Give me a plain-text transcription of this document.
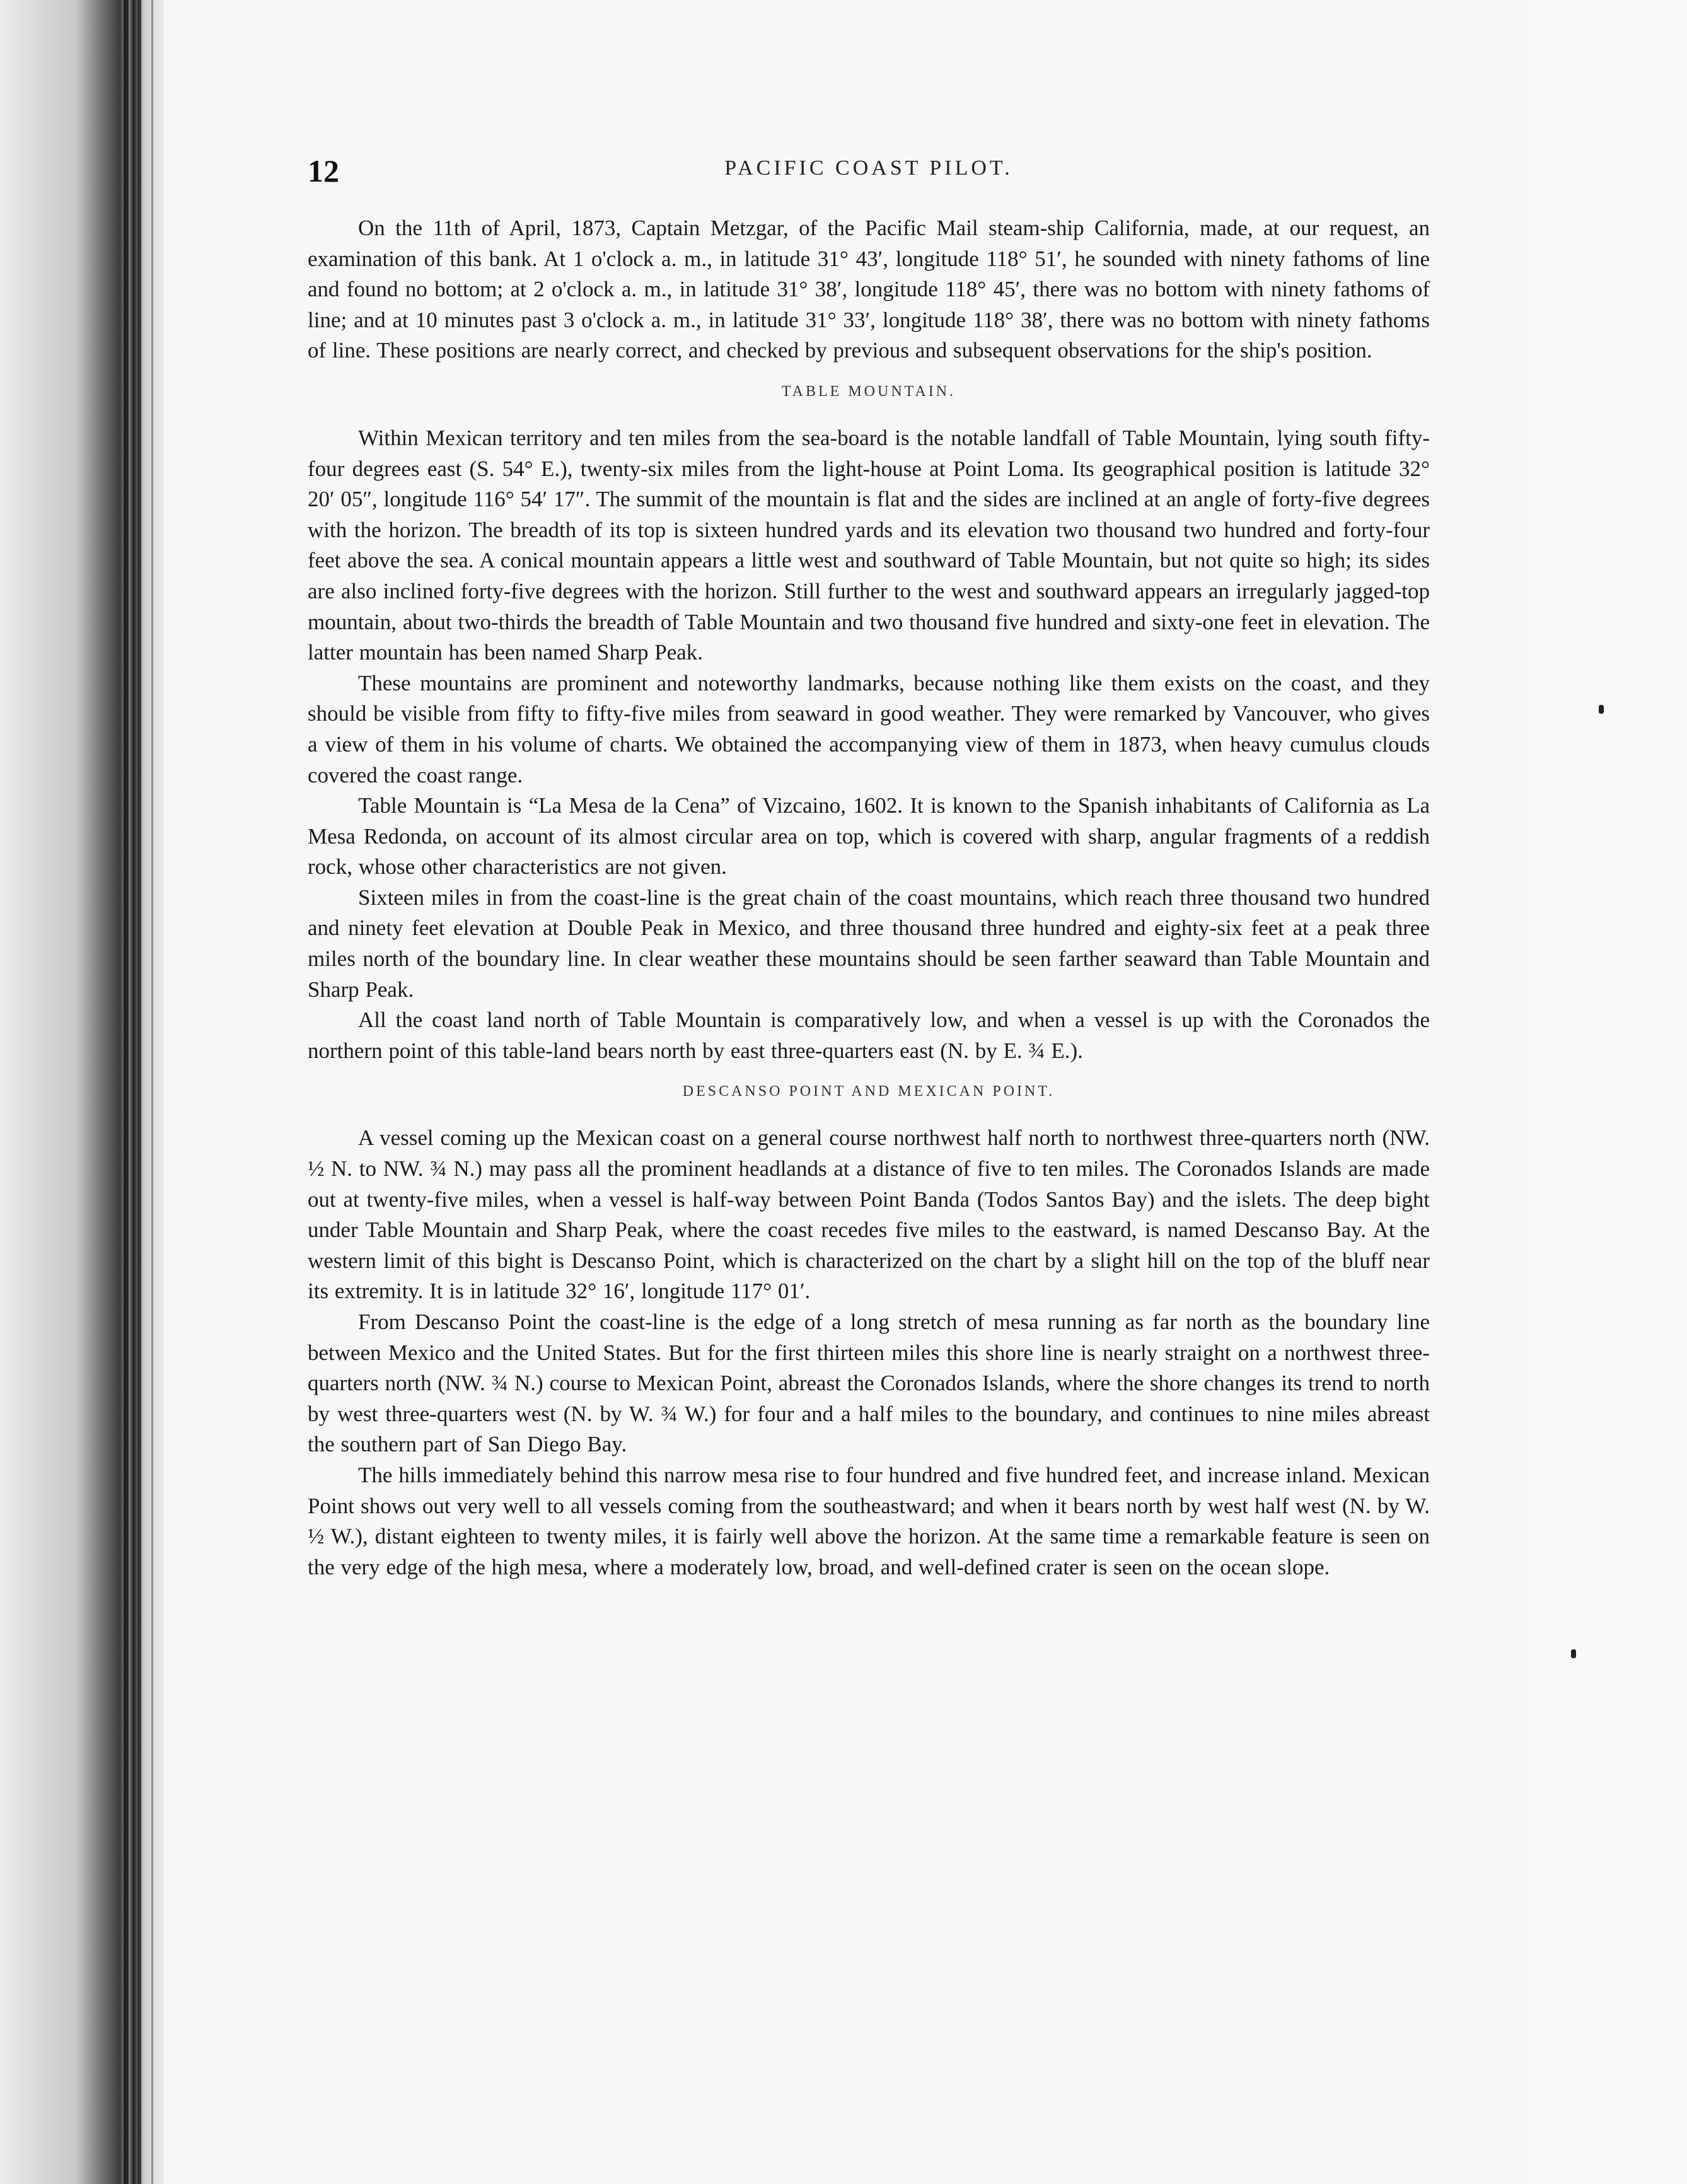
12	PACIFIC COAST PILOT.

On the 11th of April, 1873, Captain Metzgar, of the Pacific Mail steam-ship California, made, at our request, an examination of this bank. At 1 o'clock a. m., in latitude 31° 43′, longitude 118° 51′, he sounded with ninety fathoms of line and found no bottom; at 2 o'clock a. m., in latitude 31° 38′, longitude 118° 45′, there was no bottom with ninety fathoms of line; and at 10 minutes past 3 o'clock a. m., in latitude 31° 33′, longitude 118° 38′, there was no bottom with ninety fathoms of line. These positions are nearly correct, and checked by previous and subsequent observations for the ship's position.

TABLE MOUNTAIN.

Within Mexican territory and ten miles from the sea-board is the notable landfall of Table Mountain, lying south fifty-four degrees east (S. 54° E.), twenty-six miles from the light-house at Point Loma. Its geographical position is latitude 32° 20′ 05″, longitude 116° 54′ 17″. The summit of the mountain is flat and the sides are inclined at an angle of forty-five degrees with the horizon. The breadth of its top is sixteen hundred yards and its elevation two thousand two hundred and forty-four feet above the sea. A conical mountain appears a little west and southward of Table Mountain, but not quite so high; its sides are also inclined forty-five degrees with the horizon. Still further to the west and southward appears an irregularly jagged-top mountain, about two-thirds the breadth of Table Mountain and two thousand five hundred and sixty-one feet in elevation. The latter mountain has been named Sharp Peak.

These mountains are prominent and noteworthy landmarks, because nothing like them exists on the coast, and they should be visible from fifty to fifty-five miles from seaward in good weather. They were remarked by Vancouver, who gives a view of them in his volume of charts. We obtained the accompanying view of them in 1873, when heavy cumulus clouds covered the coast range.

Table Mountain is “La Mesa de la Cena” of Vizcaino, 1602. It is known to the Spanish inhabitants of California as La Mesa Redonda, on account of its almost circular area on top, which is covered with sharp, angular fragments of a reddish rock, whose other characteristics are not given.

Sixteen miles in from the coast-line is the great chain of the coast mountains, which reach three thousand two hundred and ninety feet elevation at Double Peak in Mexico, and three thousand three hundred and eighty-six feet at a peak three miles north of the boundary line. In clear weather these mountains should be seen farther seaward than Table Mountain and Sharp Peak.

All the coast land north of Table Mountain is comparatively low, and when a vessel is up with the Coronados the northern point of this table-land bears north by east three-quarters east (N. by E. ¾ E.).

DESCANSO POINT AND MEXICAN POINT.

A vessel coming up the Mexican coast on a general course northwest half north to northwest three-quarters north (NW. ½ N. to NW. ¾ N.) may pass all the prominent headlands at a distance of five to ten miles. The Coronados Islands are made out at twenty-five miles, when a vessel is half-way between Point Banda (Todos Santos Bay) and the islets. The deep bight under Table Mountain and Sharp Peak, where the coast recedes five miles to the eastward, is named Descanso Bay. At the western limit of this bight is Descanso Point, which is characterized on the chart by a slight hill on the top of the bluff near its extremity. It is in latitude 32° 16′, longitude 117° 01′.

From Descanso Point the coast-line is the edge of a long stretch of mesa running as far north as the boundary line between Mexico and the United States. But for the first thirteen miles this shore line is nearly straight on a northwest three-quarters north (NW. ¾ N.) course to Mexican Point, abreast the Coronados Islands, where the shore changes its trend to north by west three-quarters west (N. by W. ¾ W.) for four and a half miles to the boundary, and continues to nine miles abreast the southern part of San Diego Bay.

The hills immediately behind this narrow mesa rise to four hundred and five hundred feet, and increase inland. Mexican Point shows out very well to all vessels coming from the southeastward; and when it bears north by west half west (N. by W. ½ W.), distant eighteen to twenty miles, it is fairly well above the horizon. At the same time a remarkable feature is seen on the very edge of the high mesa, where a moderately low, broad, and well-defined crater is seen on the ocean slope.
